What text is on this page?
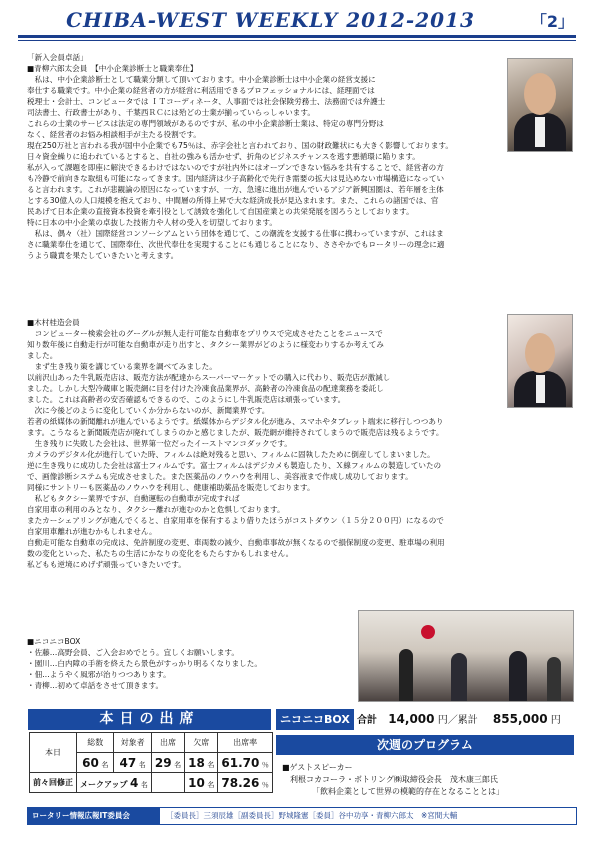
CHIBA-WEST WEEKLY 2012-2013	「2」
「新入会員卓話」
■青柳六郎太会員　【中小企業診断士と職業奉仕】
　私は、中小企業診断士として職業分類して頂いております。中小企業診断士は中小企業の経営支援に
奉仕する職業です。中小企業の経営者の方が経営に利活用できるプロフェッショナルには、経理面では
税理士・会計士、コンピュータでは ＩＴコーディネータ、人事面では社会保険労務士、法務面では弁護士
司法書士、行政書士があり、千葉西ＲＣには殆どの士業が揃っていらっしゃいます。
これらの士業のサービスは法定の専門領域があるのですが、私の中小企業診断士業は、特定の専門分野は
なく、経営者のお悩み相談相手が主たる役割です。
現在250万社と言われる我が国中小企業でも75％は、赤字会社と言われており、国の財政難状にも大きく影響しております。
日々資金繰りに追われているとすると、自社の強みも活かせず、折角のビジネスチャンスを逃す悪循環に陥ります。
私が入って課題を即座に解決できるわけではないのですが社内外にはオープンできない悩みを共有することで、経営者の方
も冷静で前向きな取組も可能になってきます。国内経済は少子高齢化で先行き需要の拡大は見込めない市場構造になってい
ると言われます。これが悲観論の原因になっていますが、一方、急速に進出が進んでいるアジア新興国圏は、若年層を主体
とする30億人の人口規模を抱えており、中間層の所得上昇で大な経済成長が見込まれます。また、これらの諸国では、官
民あげて日本企業の直接資本投資を牽引役として誘致を強化して自国産業との共栄発展を図ろうとしております。
特に日本の中小企業の卓抜した技術力や人材の受入を切望しております。
　私は、偶々（社）国際経営コンソーシアムという団体を通じて、この潮流を支援する仕事に携わっていますが、これはま
さに職業奉仕を通じて、国際奉仕、次世代奉仕を実現することにも通じることになり、ささやかでもロータリーの理念に適
うよう職責を果たしていきたいと考えます。
■木村桂造会員
　コンピューター検索会社のグーグルが無人走行可能な自動車をプリウスで完成させたことをニュースで
知り数年後に自動走行が可能な自動車が走り出すと、タクシー業界がどのように様変わりするか考えてみ
ました。
　まず生き残り策を講じている業界を調べてみました。
以前沢山あった牛乳販売店は、販売方法が配達からスーパーマーケットでの購入に代わり、販売店が激減し
ました。しかし大型冷蔵庫と販売網に目を付けた冷凍食品業界が、高齢者の冷凍食品の配達業務を委託し
ました。これは高齢者の安否確認もできるので、このようにし牛乳販売店は頑張っています。
　次に今後どのように変化していくか分からないのが、新聞業界です。
若者の紙媒体の新聞離れが進んでいるようです。紙媒体からデジタル化が進み、スマホやタブレット端末に移行しつつあり
ます。こうなると新聞販売店が廃れてしまうのかと感じましたが、販売網が維持されてしまうので販売店は残るようです。
　生き残りに失敗した会社は、世界第一位だったイーストマンコダックです。
カメラのデジタル化が進行していた時、フィルムは絶対残ると思い、フィルムに固執したために倒産してしまいました。
逆に生き残りに成功した会社は富士フィルムです。富士フィルムはデジカメも製造したり、Ｘ線フィルムの製造していたの
で、画像診断システムも完成させました。また医薬品のノウハウを利用し、美容液まで作成し成功しております。
同様にサントリーも医薬品のノウハウを利用し、健康補助薬品を販売しております。
　私どもタクシー業界ですが、自動運転の自動車が完成すれば
自家用車の利用のみとなり、タクシー離れが進むのかと危惧しております。
またカーシェアリングが進んでくると、自家用車を保有するより借りたほうがコストダウン（１５分２００円）になるので
自家用車離れが進むかもしれません。
自動走可能な自動車の完成は、免許制度の変更、車両数の減少、自動車事故が無くなるので損保制度の変更、駐車場の利用
数の変化といった、私たちの生活にかなりの変化をもたらすかもしれません。
私どもも逆境にめげず頑張っていきたいです。
■ニコニコBOX
・佐藤…高野会員、ご入会おめでとう。宜しくお願いします。
・園川…白内障の手術を終えたら景色がすっかり明るくなりました。
・佃…ようやく風邪が治りつつあります。
・青柳…初めて卓話をさせて頂きます。
本日の出席
本日	総数	対象者	出席	欠席	出席率
	60 名	47 名	29 名	18 名	61.70 ％
前々回修正	メークアップ 4 名			10 名	78.26 ％
ニコニコBOX 合計 14,000 円／累計 855,000 円
次週のプログラム
■ゲストスピーカー
利根コカコーラ・ボトリング㈱取締役会長　茂木康三郎氏
「飲料企業として世界の模範的存在となることとは」
ロータリー情報広報IT委員会	［委員長］三須辰雄［副委員長］野城隆憲［委員］谷中功享・青柳六郎太　※宮間大輔
